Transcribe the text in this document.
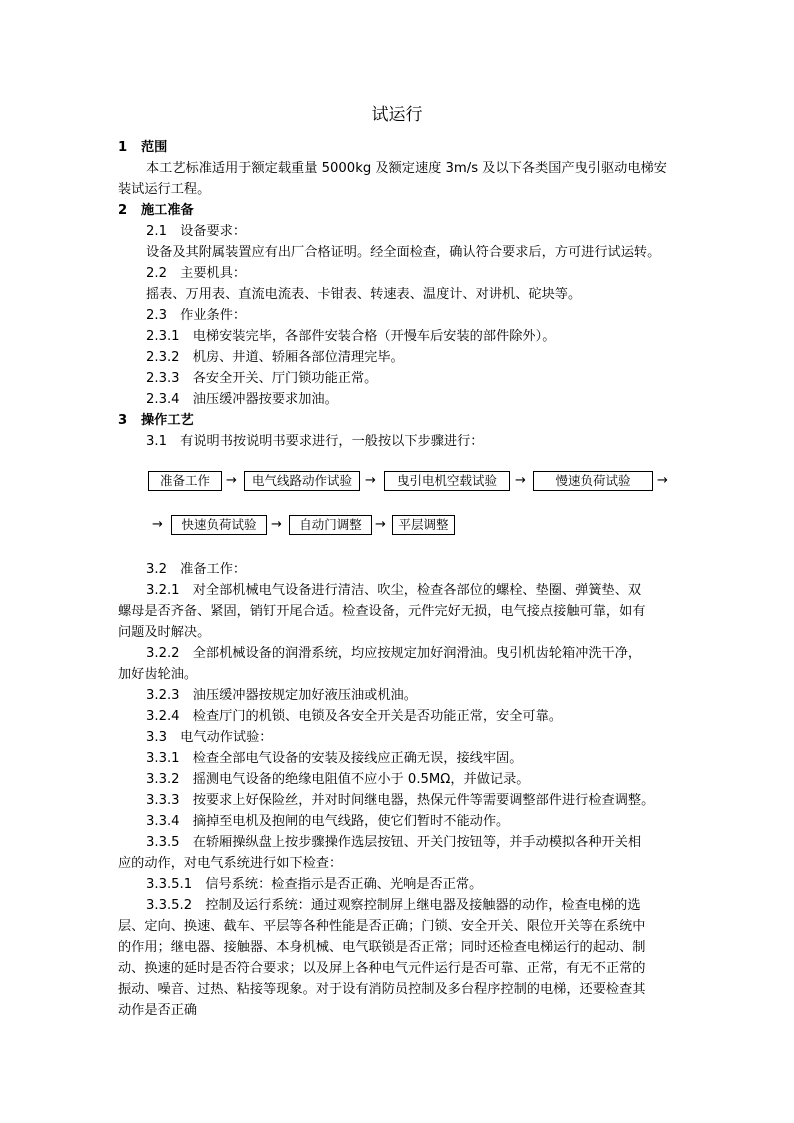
试运行
1 范围
本工艺标准适用于额定载重量 5000kg 及额定速度 3m/s 及以下各类国产曳引驱动电梯安
装试运行工程。
2 施工准备
2.1　设备要求：
设备及其附属装置应有出厂合格证明。经全面检查，确认符合要求后，方可进行试运转。
2.2　主要机具：
摇表、万用表、直流电流表、卡钳表、转速表、温度计、对讲机、砣块等。
2.3　作业条件：
2.3.1　电梯安装完毕，各部件安装合格（开慢车后安装的部件除外）。
2.3.2　机房、井道、轿厢各部位清理完毕。
2.3.3　各安全开关、厅门锁功能正常。
2.3.4　油压缓冲器按要求加油。
3 操作工艺
3.1　有说明书按说明书要求进行，一般按以下步骤进行：
准备工作	→	电气线路动作试验	→	曳引电机空载试验	→	慢速负荷试验	→
→	快速负荷试验	→	自动门调整	→	平层调整
3.2　准备工作：
3.2.1　对全部机械电气设备进行清洁、吹尘，检查各部位的螺栓、垫圈、弹簧垫、双
螺母是否齐备、紧固，销钉开尾合适。检查设备，元件完好无损，电气接点接触可靠，如有
问题及时解决。
3.2.2　全部机械设备的润滑系统，均应按规定加好润滑油。曳引机齿轮箱冲洗干净，
加好齿轮油。
3.2.3　油压缓冲器按规定加好液压油或机油。
3.2.4　检查厅门的机锁、电锁及各安全开关是否功能正常，安全可靠。
3.3　电气动作试验：
3.3.1　检查全部电气设备的安装及接线应正确无误，接线牢固。
3.3.2　摇测电气设备的绝缘电阻值不应小于 0.5MΩ，并做记录。
3.3.3　按要求上好保险丝，并对时间继电器，热保元件等需要调整部件进行检查调整。
3.3.4　摘掉至电机及抱闸的电气线路，使它们暂时不能动作。
3.3.5　在轿厢操纵盘上按步骤操作选层按钮、开关门按钮等，并手动模拟各种开关相
应的动作，对电气系统进行如下检查：
3.3.5.1　信号系统：检查指示是否正确、光响是否正常。
3.3.5.2　控制及运行系统：通过观察控制屏上继电器及接触器的动作，检查电梯的选
层、定向、换速、截车、平层等各种性能是否正确；门锁、安全开关、限位开关等在系统中
的作用；继电器、接触器、本身机械、电气联锁是否正常；同时还检查电梯运行的起动、制
动、换速的延时是否符合要求；以及屏上各种电气元件运行是否可靠、正常，有无不正常的
振动、噪音、过热、粘接等现象。对于设有消防员控制及多台程序控制的电梯，还要检查其
动作是否正确
